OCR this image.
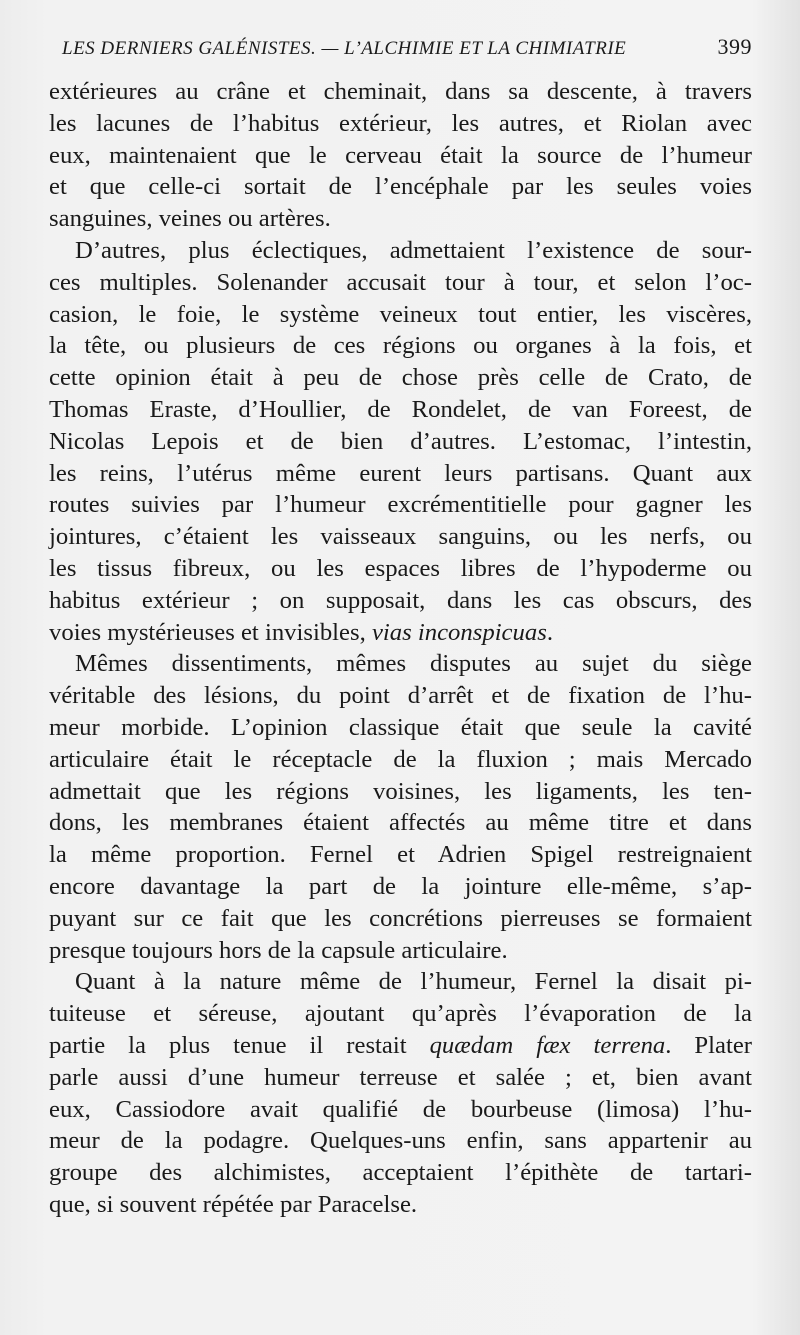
LES DERNIERS GALÉNISTES. — L’ALCHIMIE ET LA CHIMIATRIE	399

extérieures au crâne et cheminait, dans sa descente, à travers
les lacunes de l’habitus extérieur, les autres, et Riolan avec
eux, maintenaient que le cerveau était la source de l’humeur
et que celle-ci sortait de l’encéphale par les seules voies
sanguines, veines ou artères.

D’autres, plus éclectiques, admettaient l’existence de sour-
ces multiples. Solenander accusait tour à tour, et selon l’oc-
casion, le foie, le système veineux tout entier, les viscères,
la tête, ou plusieurs de ces régions ou organes à la fois, et
cette opinion était à peu de chose près celle de Crato, de
Thomas Eraste, d’Houllier, de Rondelet, de van Foreest, de
Nicolas Lepois et de bien d’autres. L’estomac, l’intestin,
les reins, l’utérus même eurent leurs partisans. Quant aux
routes suivies par l’humeur excrémentitielle pour gagner les
jointures, c’étaient les vaisseaux sanguins, ou les nerfs, ou
les tissus fibreux, ou les espaces libres de l’hypoderme ou
habitus extérieur ; on supposait, dans les cas obscurs, des
voies mystérieuses et invisibles, vias inconspicuas.

Mêmes dissentiments, mêmes disputes au sujet du siège
véritable des lésions, du point d’arrêt et de fixation de l’hu-
meur morbide. L’opinion classique était que seule la cavité
articulaire était le réceptacle de la fluxion ; mais Mercado
admettait que les régions voisines, les ligaments, les ten-
dons, les membranes étaient affectés au même titre et dans
la même proportion. Fernel et Adrien Spigel restreignaient
encore davantage la part de la jointure elle-même, s’ap-
puyant sur ce fait que les concrétions pierreuses se formaient
presque toujours hors de la capsule articulaire.

Quant à la nature même de l’humeur, Fernel la disait pi-
tuiteuse et séreuse, ajoutant qu’après l’évaporation de la
partie la plus tenue il restait quædam fæx terrena. Plater
parle aussi d’une humeur terreuse et salée ; et, bien avant
eux, Cassiodore avait qualifié de bourbeuse (limosa) l’hu-
meur de la podagre. Quelques-uns enfin, sans appartenir au
groupe des alchimistes, acceptaient l’épithète de tartari-
que, si souvent répétée par Paracelse.
